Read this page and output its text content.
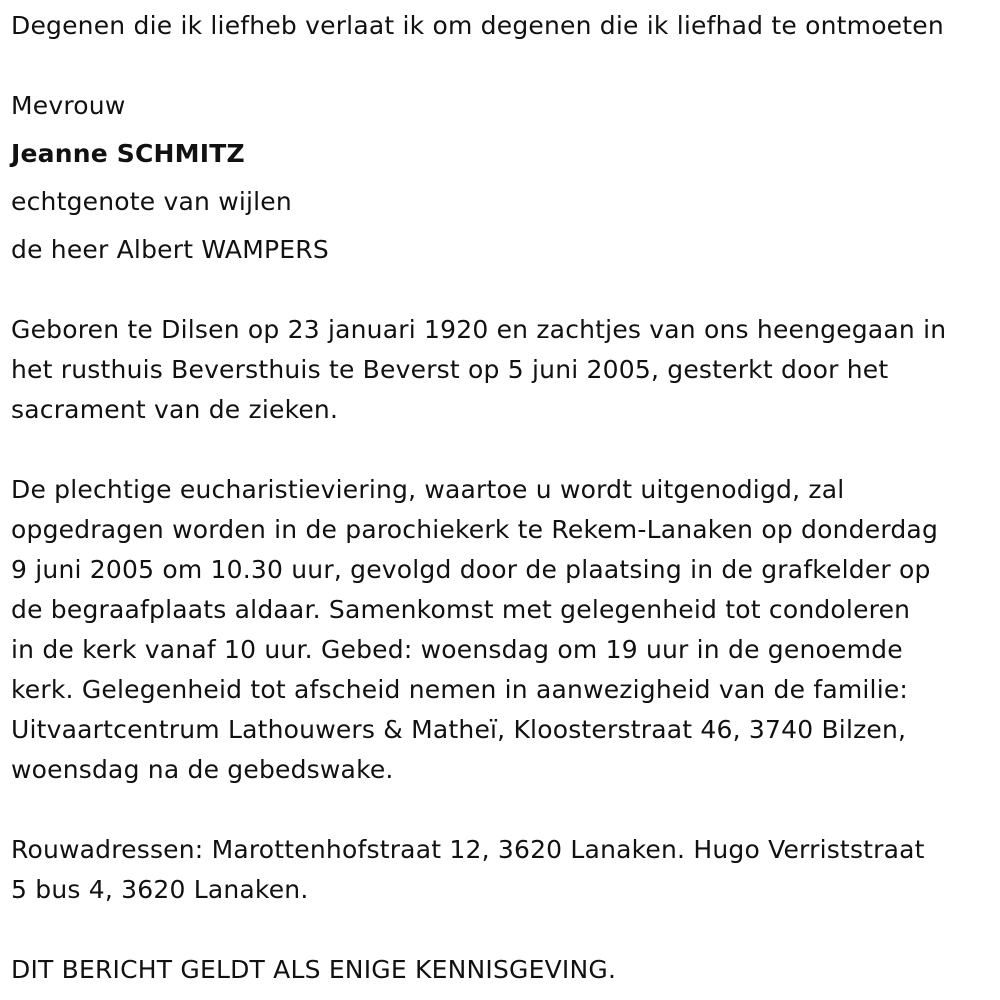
Degenen die ik liefheb verlaat ik om degenen die ik liefhad te ontmoeten
Mevrouw
Jeanne SCHMITZ
echtgenote van wijlen
de heer Albert WAMPERS
Geboren te Dilsen op 23 januari 1920 en zachtjes van ons heengegaan in
het rusthuis Beversthuis te Beverst op 5 juni 2005, gesterkt door het
sacrament van de zieken.
De plechtige eucharistieviering, waartoe u wordt uitgenodigd, zal
opgedragen worden in de parochiekerk te Rekem-Lanaken op donderdag
9 juni 2005 om 10.30 uur, gevolgd door de plaatsing in de grafkelder op
de begraafplaats aldaar. Samenkomst met gelegenheid tot condoleren
in de kerk vanaf 10 uur. Gebed: woensdag om 19 uur in de genoemde
kerk. Gelegenheid tot afscheid nemen in aanwezigheid van de familie:
Uitvaartcentrum Lathouwers & Matheï, Kloosterstraat 46, 3740 Bilzen,
woensdag na de gebedswake.
Rouwadressen: Marottenhofstraat 12, 3620 Lanaken. Hugo Verriststraat
5 bus 4, 3620 Lanaken.
DIT BERICHT GELDT ALS ENIGE KENNISGEVING.
